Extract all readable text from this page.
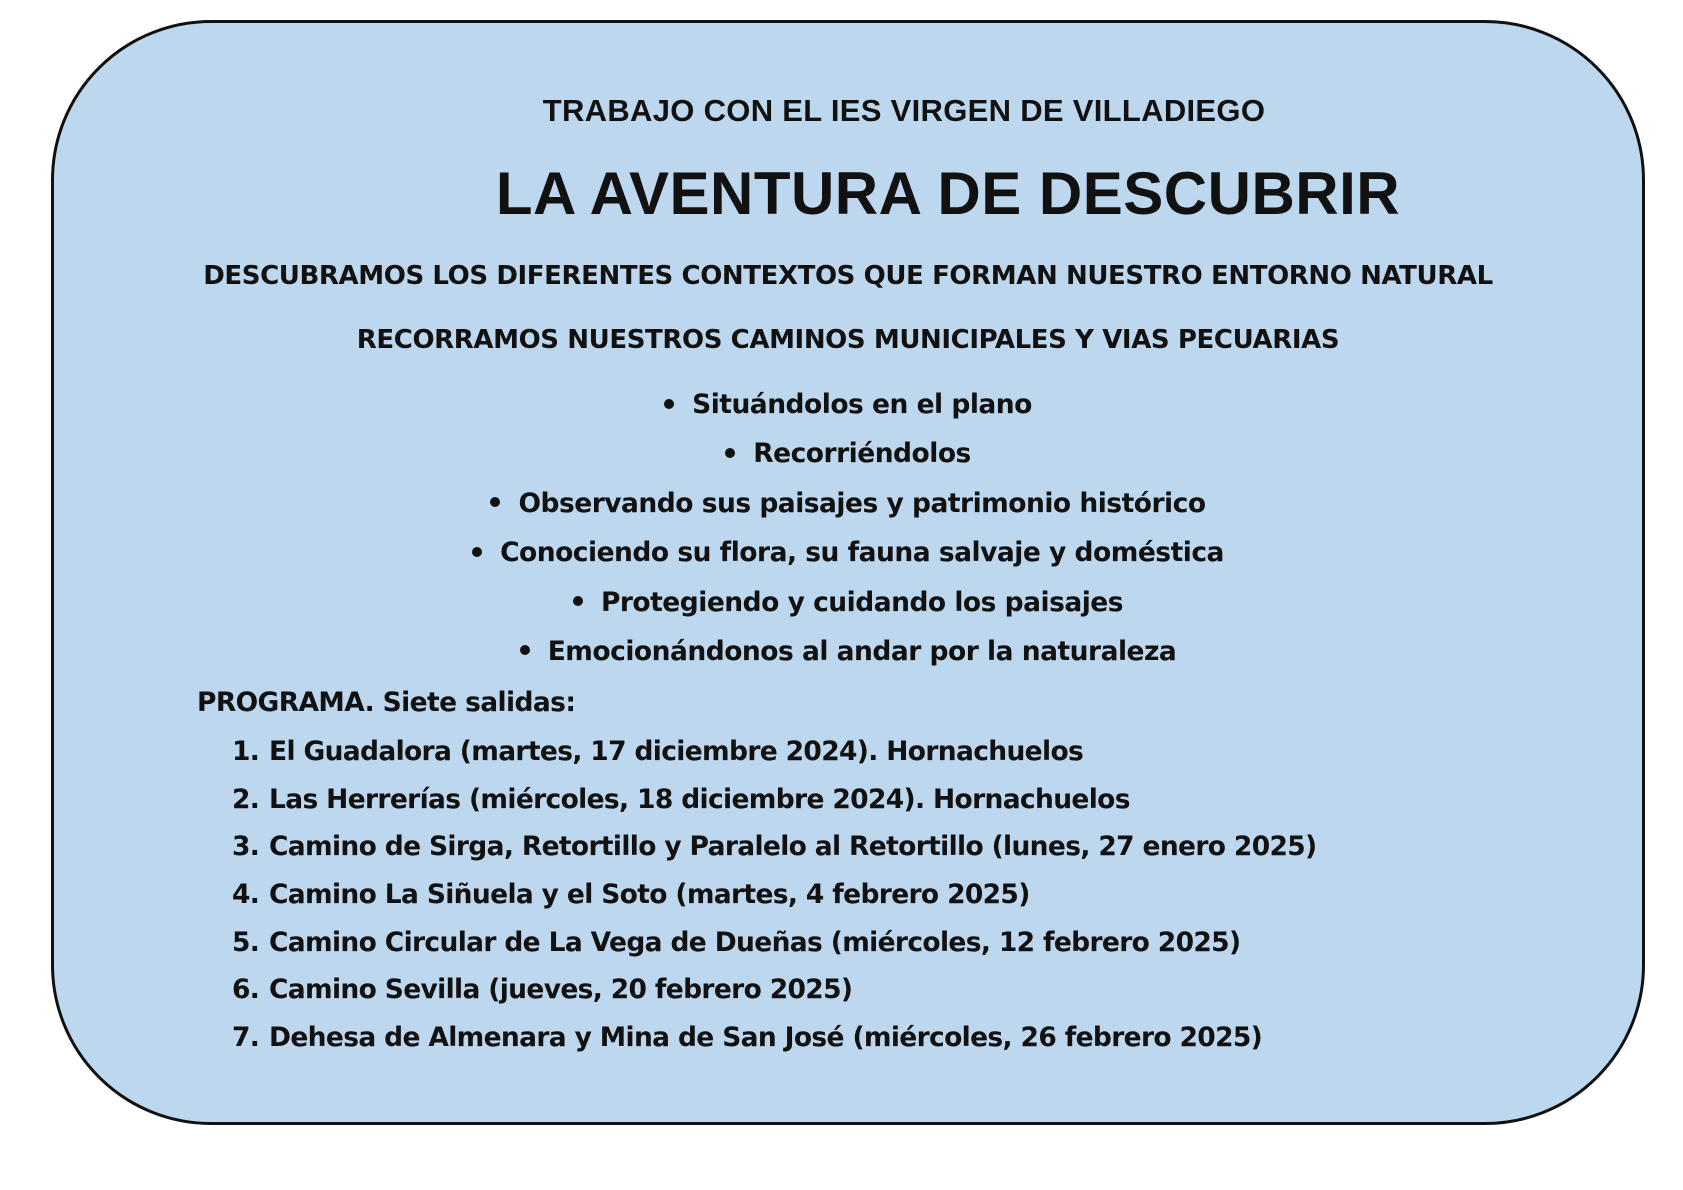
TRABAJO CON EL IES VIRGEN DE VILLADIEGO
LA AVENTURA DE DESCUBRIR
DESCUBRAMOS LOS DIFERENTES CONTEXTOS QUE FORMAN NUESTRO ENTORNO NATURAL
RECORRAMOS NUESTROS CAMINOS MUNICIPALES Y VIAS PECUARIAS
Situándolos en el plano
Recorriéndolos
Observando sus paisajes y patrimonio histórico
Conociendo su flora, su fauna salvaje y doméstica
Protegiendo y cuidando los paisajes
Emocionándonos al andar por la naturaleza
PROGRAMA. Siete salidas:
1. El Guadalora (martes, 17 diciembre 2024). Hornachuelos
2. Las Herrerías (miércoles, 18 diciembre 2024). Hornachuelos
3. Camino de Sirga, Retortillo y Paralelo al Retortillo (lunes, 27 enero 2025)
4. Camino La Siñuela y el Soto (martes, 4 febrero 2025)
5. Camino Circular de La Vega de Dueñas (miércoles, 12 febrero 2025)
6. Camino Sevilla (jueves, 20 febrero 2025)
7. Dehesa de Almenara y Mina de San José (miércoles, 26 febrero 2025)
